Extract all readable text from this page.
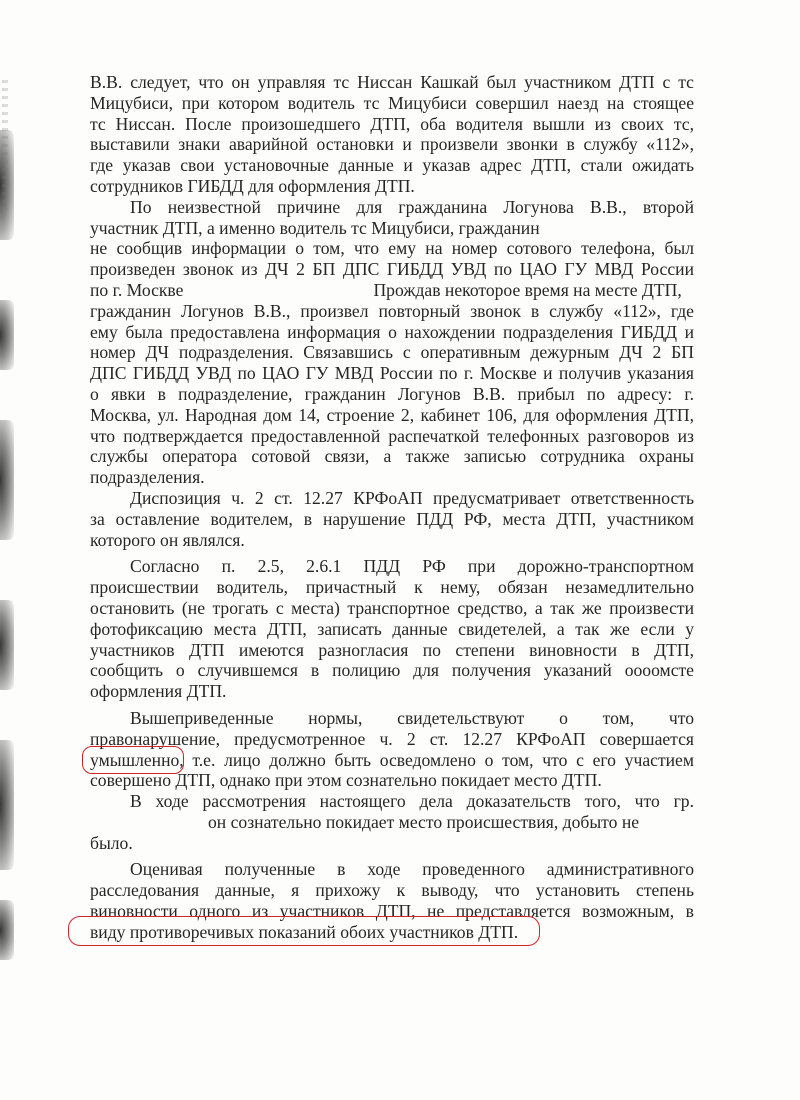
В.В. следует, что он управляя тс Ниссан Кашкай был участником ДТП с тс

Мицубиси, при котором водитель тс Мицубиси совершил наезд на стоящее

тс Ниссан. После произошедшего ДТП, оба водителя вышли из своих тс,

выставили знаки аварийной остановки и произвели звонки в службу «112»,

где указав свои установочные данные и указав адрес ДТП, стали ожидать

сотрудников ГИБДД для оформления ДТП.

По неизвестной причине для гражданина Логунова В.В., второй

участник ДТП, а именно водитель тс Мицубиси, гражданин

не сообщив информации о том, что ему на номер сотового телефона, был

произведен звонок из ДЧ 2 БП ДПС ГИБДД УВД по ЦАО ГУ МВД России

по г. Москве	Прождав некоторое время на месте ДТП,

гражданин Логунов В.В., произвел повторный звонок в службу «112», где

ему была предоставлена информация о нахождении подразделения ГИБДД и

номер ДЧ подразделения. Связавшись с оперативным дежурным ДЧ 2 БП

ДПС ГИБДД УВД по ЦАО ГУ МВД России по г. Москве и получив указания

о явки в подразделение, гражданин Логунов В.В. прибыл по адресу: г.

Москва, ул. Народная дом 14, строение 2, кабинет 106, для оформления ДТП,

что подтверждается предоставленной распечаткой телефонных разговоров из

службы оператора сотовой связи, а также записью сотрудника охраны

подразделения.

Диспозиция ч. 2 ст. 12.27 КРФоАП предусматривает ответственность

за оставление водителем, в нарушение ПДД РФ, места ДТП, участником

которого он являлся.

Согласно п. 2.5, 2.6.1 ПДД РФ при дорожно-транспортном

происшествии водитель, причастный к нему, обязан незамедлительно

остановить (не трогать с места) транспортное средство, а так же произвести

фотофиксацию места ДТП, записать данные свидетелей, а так же если у

участников ДТП имеются разногласия по степени виновности в ДТП,

сообщить о случившемся в полицию для получения указаний оооомсте

оформления ДТП.

Вышеприведенные нормы, свидетельствуют о том, что

правонарушение, предусмотренное ч. 2 ст. 12.27 КРФоАП совершается

умышленно, т.е. лицо должно быть осведомлено о том, что с его участием

совершено ДТП, однако при этом сознательно покидает место ДТП.

В ходе рассмотрения настоящего дела доказательств того, что гр.

он сознательно покидает место происшествия, добыто не

было.

Оценивая полученные в ходе проведенного административного

расследования данные, я прихожу к выводу, что установить степень

виновности одного из участников ДТП, не представляется возможным, в

виду противоречивых показаний обоих участников ДТП.
